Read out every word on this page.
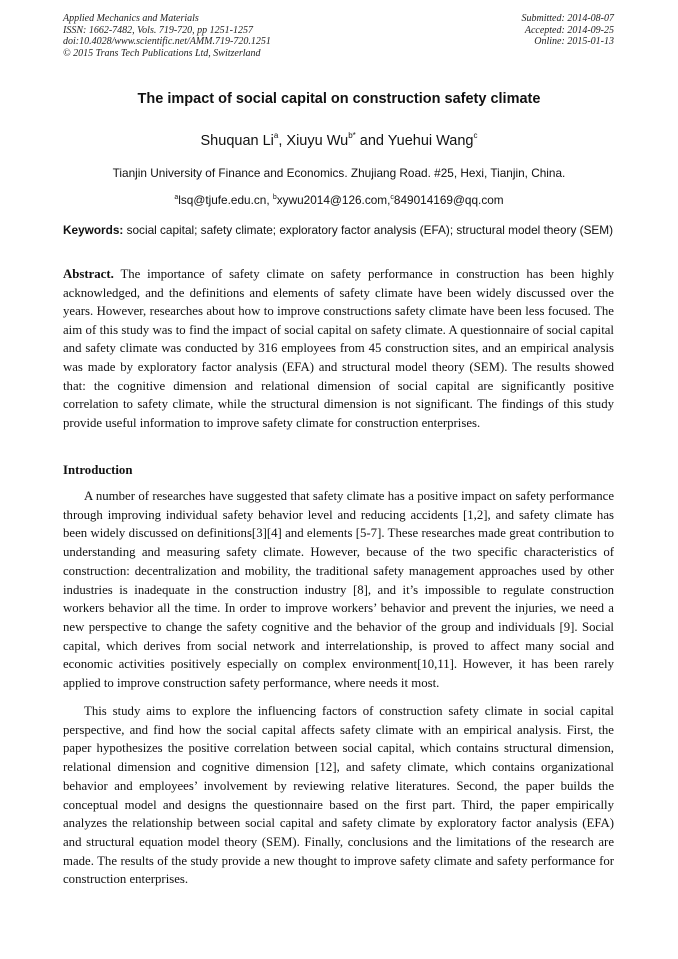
Applied Mechanics and Materials
ISSN: 1662-7482, Vols. 719-720, pp 1251-1257
doi:10.4028/www.scientific.net/AMM.719-720.1251
© 2015 Trans Tech Publications Ltd, Switzerland
Submitted: 2014-08-07
Accepted: 2014-09-25
Online: 2015-01-13
The impact of social capital on construction safety climate
Shuquan Li$^a$, Xiuyu $Wu^{b*}$ and Yuehui Wang$^c$
Tianjin University of Finance and Economics. Zhujiang Road. #25, Hexi, Tianjin, China.
$^a$lsq@tjufe.edu.cn, $^b$xywu2014@126.com,$^c$849014169@qq.com
Keywords: social capital; safety climate; exploratory factor analysis (EFA); structural model theory (SEM)
Abstract. The importance of safety climate on safety performance in construction has been highly acknowledged, and the definitions and elements of safety climate have been widely discussed over the years. However, researches about how to improve constructions safety climate have been less focused. The aim of this study was to find the impact of social capital on safety climate. A questionnaire of social capital and safety climate was conducted by 316 employees from 45 construction sites, and an empirical analysis was made by exploratory factor analysis (EFA) and structural model theory (SEM). The results showed that: the cognitive dimension and relational dimension of social capital are significantly positive correlation to safety climate, while the structural dimension is not significant. The findings of this study provide useful information to improve safety climate for construction enterprises.
Introduction

A number of researches have suggested that safety climate has a positive impact on safety performance through improving individual safety behavior level and reducing accidents [1,2], and safety climate has been widely discussed on definitions[3][4] and elements [5-7]. These researches made great contribution to understanding and measuring safety climate. However, because of the two specific characteristics of construction: decentralization and mobility, the traditional safety management approaches used by other industries is inadequate in the construction industry [8], and it’s impossible to regulate construction workers behavior all the time. In order to improve workers’ behavior and prevent the injuries, we need a new perspective to change the safety cognitive and the behavior of the group and individuals [9]. Social capital, which derives from social network and interrelationship, is proved to affect many social and economic activities positively especially on complex environment[10,11]. However, it has been rarely applied to improve construction safety performance, where needs it most.

This study aims to explore the influencing factors of construction safety climate in social capital perspective, and find how the social capital affects safety climate with an empirical analysis. First, the paper hypothesizes the positive correlation between social capital, which contains structural dimension, relational dimension and cognitive dimension [12], and safety climate, which contains organizational behavior and employees’ involvement by reviewing relative literatures. Second, the paper builds the conceptual model and designs the questionnaire based on the first part. Third, the paper empirically analyzes the relationship between social capital and safety climate by exploratory factor analysis (EFA) and structural equation model theory (SEM). Finally, conclusions and the limitations of the research are made. The results of the study provide a new thought to improve safety climate and safety performance for construction enterprises.
